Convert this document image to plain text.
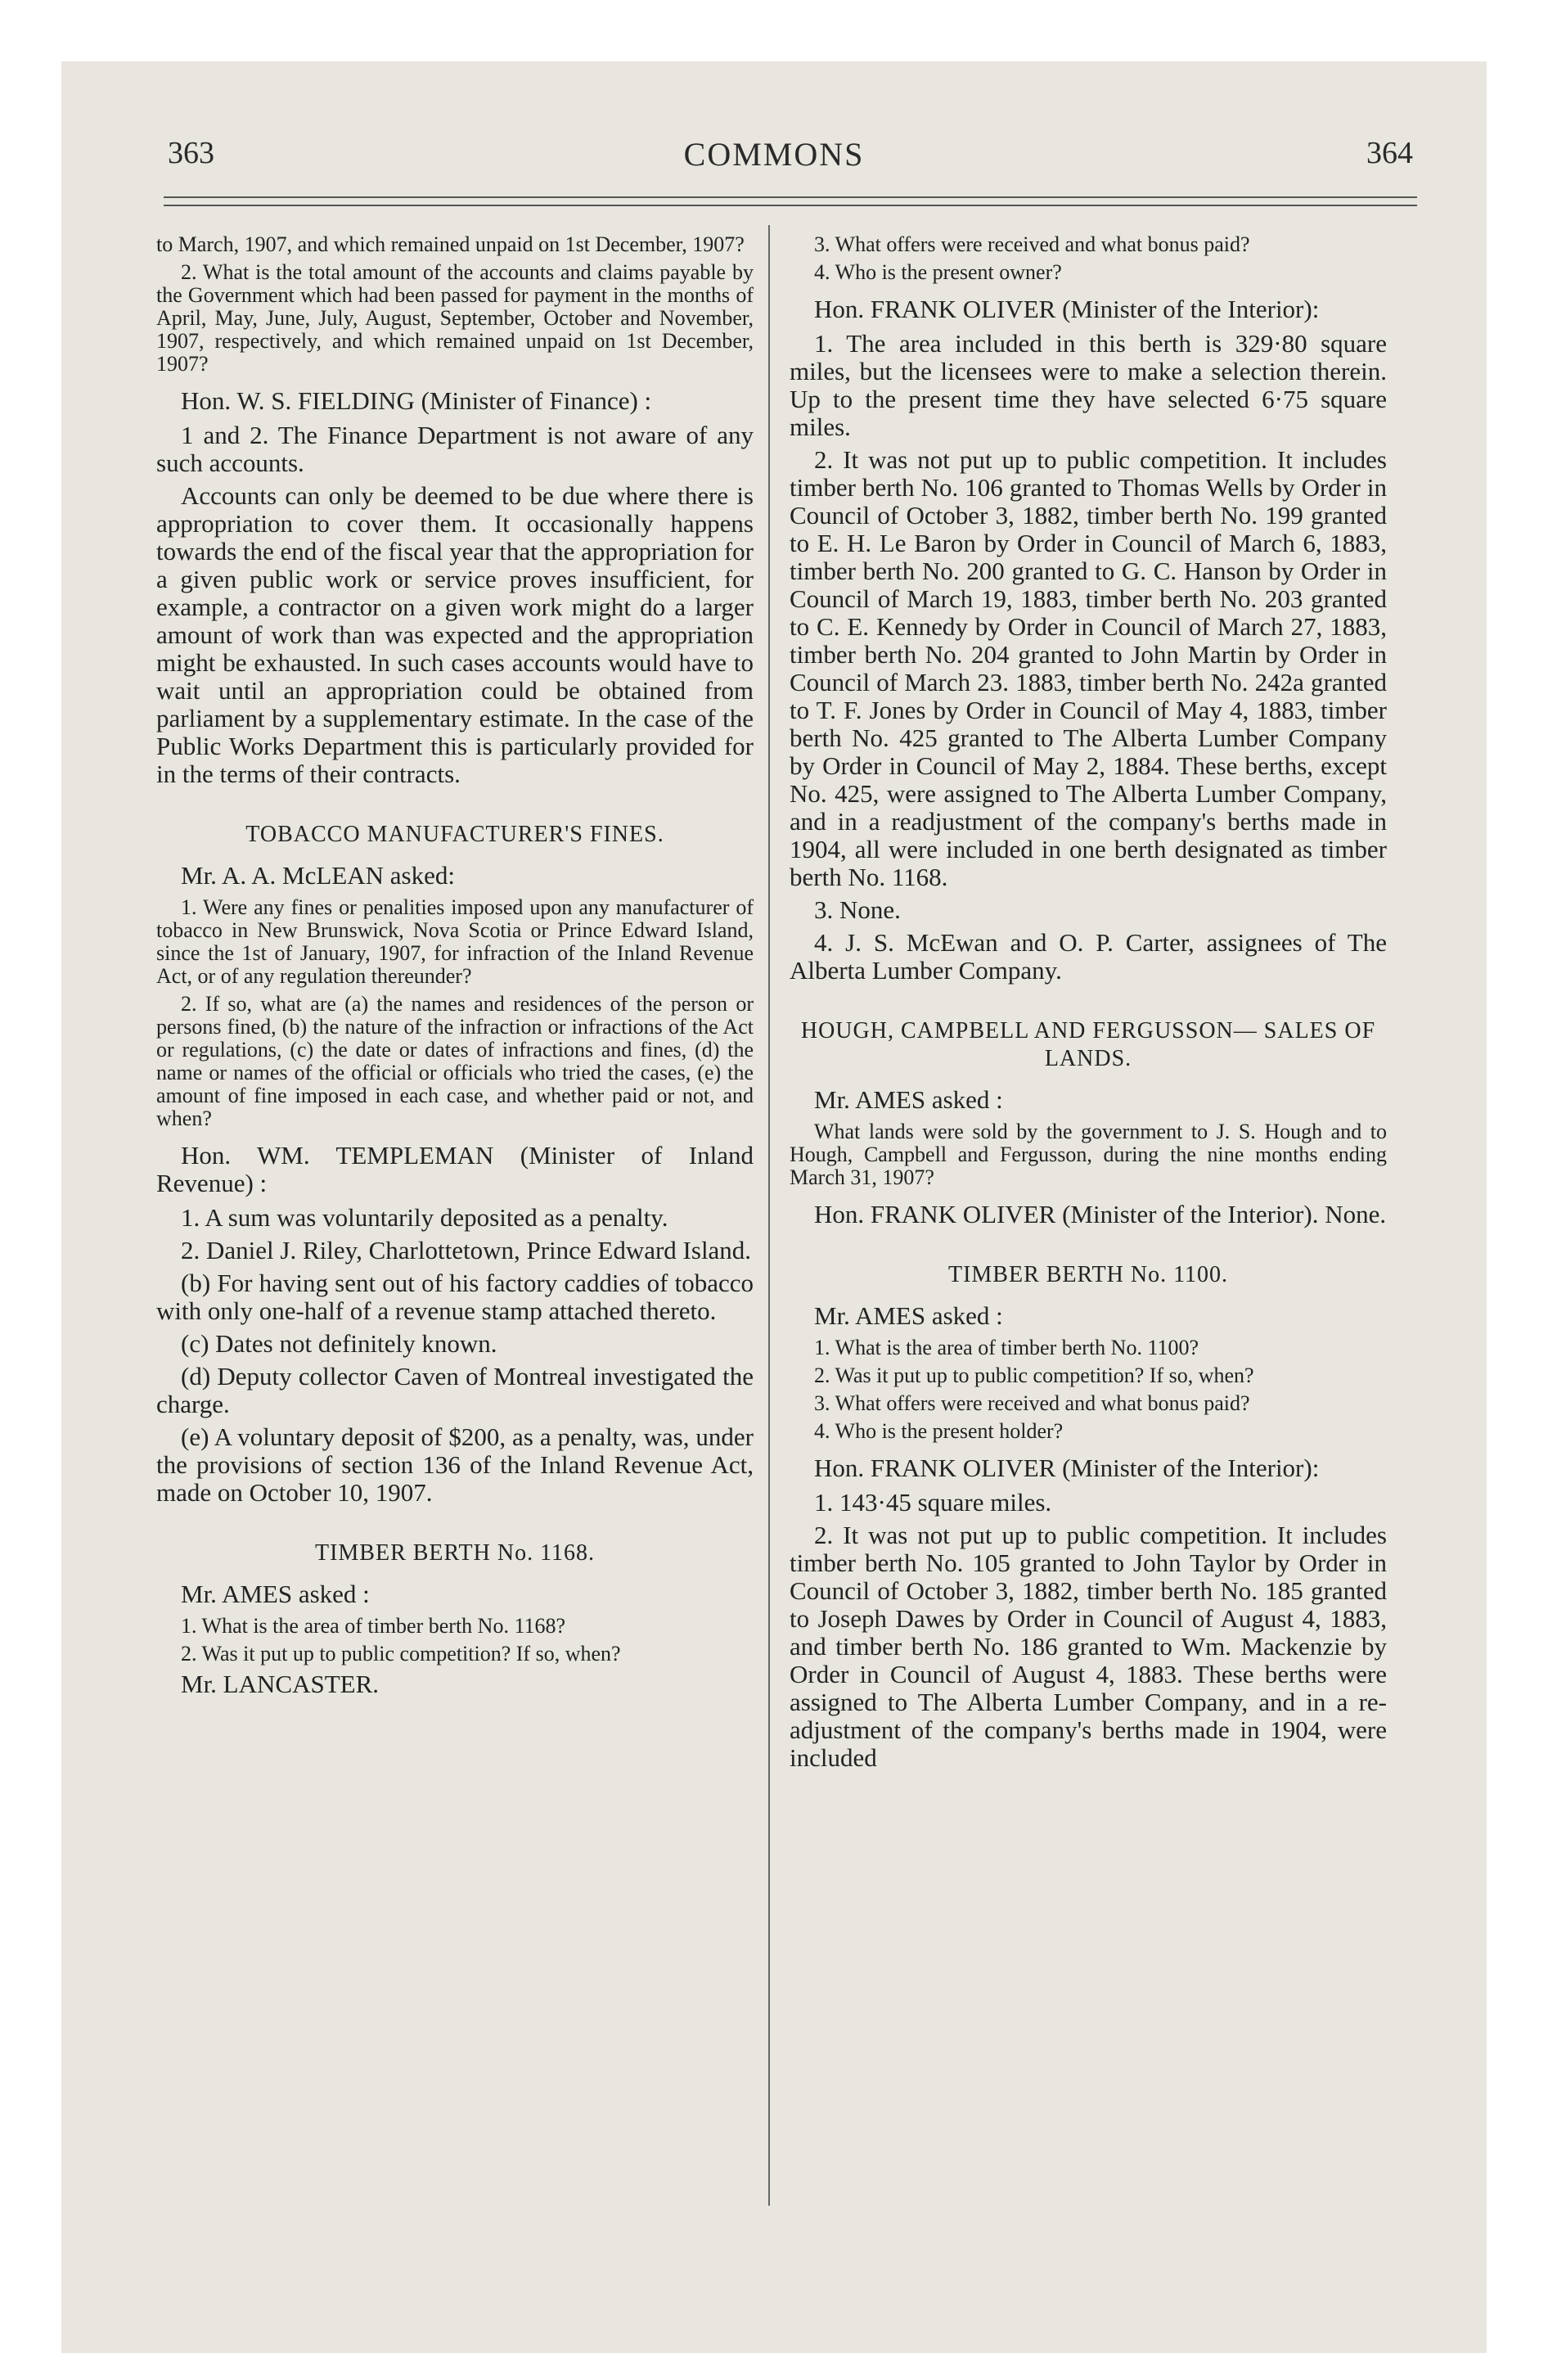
363	COMMONS	364

to March, 1907, and which remained unpaid on 1st December, 1907?

2. What is the total amount of the accounts and claims payable by the Government which had been passed for payment in the months of April, May, June, July, August, September, October and November, 1907, respectively, and which remained unpaid on 1st December, 1907?

Hon. W. S. FIELDING (Minister of Finance) :

1 and 2. The Finance Department is not aware of any such accounts.

Accounts can only be deemed to be due where there is appropriation to cover them. It occasionally happens towards the end of the fiscal year that the appropriation for a given public work or service proves insufficient, for example, a contractor on a given work might do a larger amount of work than was expected and the appropriation might be exhausted. In such cases accounts would have to wait until an appropriation could be obtained from parliament by a supplementary estimate. In the case of the Public Works Department this is particularly provided for in the terms of their contracts.

TOBACCO MANUFACTURER'S FINES.

Mr. A. A. McLEAN asked:

1. Were any fines or penalities imposed upon any manufacturer of tobacco in New Brunswick, Nova Scotia or Prince Edward Island, since the 1st of January, 1907, for infraction of the Inland Revenue Act, or of any regulation thereunder?

2. If so, what are (a) the names and residences of the person or persons fined, (b) the nature of the infraction or infractions of the Act or regulations, (c) the date or dates of infractions and fines, (d) the name or names of the official or officials who tried the cases, (e) the amount of fine imposed in each case, and whether paid or not, and when?

Hon. WM. TEMPLEMAN (Minister of Inland Revenue) :

1. A sum was voluntarily deposited as a penalty.

2. Daniel J. Riley, Charlottetown, Prince Edward Island.

(b) For having sent out of his factory caddies of tobacco with only one-half of a revenue stamp attached thereto.

(c) Dates not definitely known.

(d) Deputy collector Caven of Montreal investigated the charge.

(e) A voluntary deposit of $200, as a penalty, was, under the provisions of section 136 of the Inland Revenue Act, made on October 10, 1907.

TIMBER BERTH No. 1168.

Mr. AMES asked :

1. What is the area of timber berth No. 1168?

2. Was it put up to public competition? If so, when?

Mr. LANCASTER.

3. What offers were received and what bonus paid?

4. Who is the present owner?

Hon. FRANK OLIVER (Minister of the Interior):

1. The area included in this berth is 329·80 square miles, but the licensees were to make a selection therein. Up to the present time they have selected 6·75 square miles.

2. It was not put up to public competition. It includes timber berth No. 106 granted to Thomas Wells by Order in Council of October 3, 1882, timber berth No. 199 granted to E. H. Le Baron by Order in Council of March 6, 1883, timber berth No. 200 granted to G. C. Hanson by Order in Council of March 19, 1883, timber berth No. 203 granted to C. E. Kennedy by Order in Council of March 27, 1883, timber berth No. 204 granted to John Martin by Order in Council of March 23. 1883, timber berth No. 242a granted to T. F. Jones by Order in Council of May 4, 1883, timber berth No. 425 granted to The Alberta Lumber Company by Order in Council of May 2, 1884. These berths, except No. 425, were assigned to The Alberta Lumber Company, and in a readjustment of the company's berths made in 1904, all were included in one berth designated as timber berth No. 1168.

3. None.

4. J. S. McEwan and O. P. Carter, assignees of The Alberta Lumber Company.

HOUGH, CAMPBELL AND FERGUSSON— SALES OF LANDS.

Mr. AMES asked :

What lands were sold by the government to J. S. Hough and to Hough, Campbell and Fergusson, during the nine months ending March 31, 1907?

Hon. FRANK OLIVER (Minister of the Interior). None.

TIMBER BERTH No. 1100.

Mr. AMES asked :

1. What is the area of timber berth No. 1100?

2. Was it put up to public competition? If so, when?

3. What offers were received and what bonus paid?

4. Who is the present holder?

Hon. FRANK OLIVER (Minister of the Interior):

1. 143·45 square miles.

2. It was not put up to public competition. It includes timber berth No. 105 granted to John Taylor by Order in Council of October 3, 1882, timber berth No. 185 granted to Joseph Dawes by Order in Council of August 4, 1883, and timber berth No. 186 granted to Wm. Mackenzie by Order in Council of August 4, 1883. These berths were assigned to The Alberta Lumber Company, and in a re-adjustment of the company's berths made in 1904, were included
